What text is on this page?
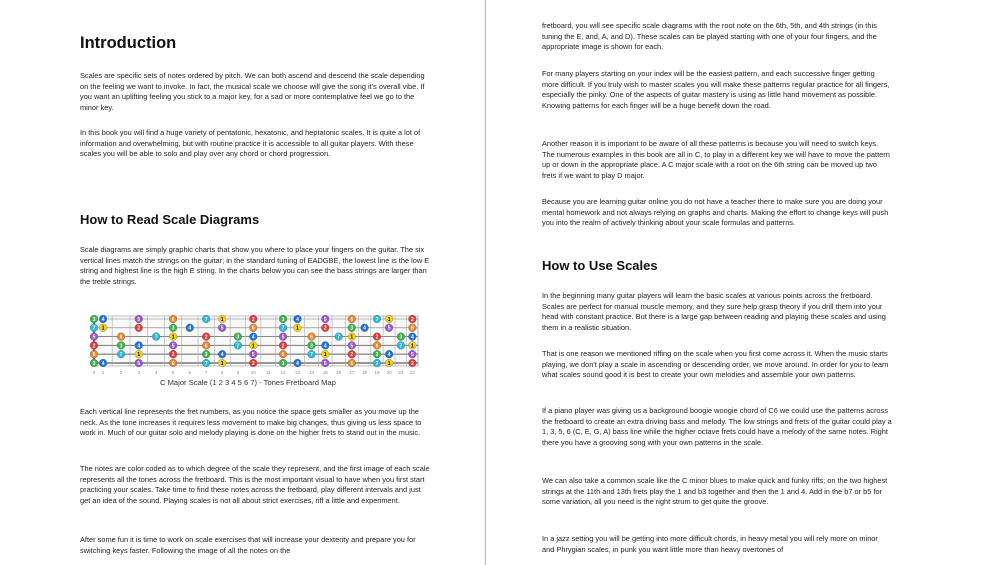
Introduction

Scales are specific sets of notes ordered by pitch. We can both ascend and descend the scale depending on the feeling we want to invoke. In fact, the musical scale we choose will give the song it's overall vibe. If you want an uplifting feeling you stick to a major key, for a sad or more contemplative feel we go to the minor key.

In this book you will find a huge variety of pentatonic, hexatonic, and heptatonic scales. It is quite a lot of information and overwhelming, but with routine practice it is accessible to all guitar players. With these scales you will be able to solo and play over any chord or chord progression.

How to Read Scale Diagrams

Scale diagrams are simply graphic charts that show you where to place your fingers on the guitar. The six vertical lines match the strings on the guitar; in the standard tuning of EADGBE, the lowest line is the low E string and highest line is the high E string. In the charts below you can see the bass strings are larger than the treble strings.

3 4	5	6	7	1	2	3 4	5	6	7 1	2
7 1	2	3	4	5	6	7 1	2	3 4	5	6
5	6	7	1	2	3	4	5	6	7 1	2	3 4
2	3	4	5	6	7	1	2	3 4	5	6	7 1
6	7	1	2	3	4	5	6	7 1	2	3 4	5
3 4	5	6	7	1	2	3 4	5	6	7 1	2
0 1	2	3	4	5	6	7	8	9	10 11 12 13 14 15 16 17 18 19 20 21 22
C Major Scale (1 2 3 4 5 6 7) - Tones Fretboard Map

Each vertical line represents the fret numbers, as you notice the space gets smaller as you move up the neck. As the tone increases it requires less movement to make big changes, thus giving us less space to work in. Much of our guitar solo and melody playing is done on the higher frets to stand out in the music.

The notes are color coded as to which degree of the scale they represent, and the first image of each scale represents all the tones across the fretboard. This is the most important visual to have when you first start practicing your scales. Take time to find these notes across the fretboard, play different intervals and just get an idea of the sound. Playing scales is not all about strict exercises, riff a little and experiment.

After some fun it is time to work on scale exercises that will increase your dexterity and prepare you for switching keys faster. Following the image of all the notes on the

fretboard, you will see specific scale diagrams with the root note on the 6th, 5th, and 4th strings (in this tuning the E, and, A, and D). These scales can be played starting with one of your four fingers, and the appropriate image is shown for each.

For many players starting on your index will be the easiest pattern, and each successive finger getting more difficult. If you truly wish to master scales you will make these patterns regular practice for all fingers, especially the pinky. One of the aspects of guitar mastery is using as little hand movement as possible. Knowing patterns for each finger will be a huge benefit down the road.

Another reason it is important to be aware of all these patterns is because you will need to switch keys. The numerous examples in this book are all in C, to play in a different key we will have to move the pattern up or down in the appropriate place. A C major scale with a root on the 6th string can be moved up two frets if we want to play D major.

Because you are learning guitar online you do not have a teacher there to make sure you are doing your mental homework and not always relying on graphs and charts. Making the effort to change keys will push you into the realm of actively thinking about your scale formulas and patterns.

How to Use Scales

In the beginning many guitar players will learn the basic scales at various points across the fretboard. Scales are perfect for manual muscle memory, and they sure help grasp theory if you drill them into your head with constant practice. But there is a large gap between reading and playing these scales and using them in a realistic situation.

That is one reason we mentioned riffing on the scale when you first come across it. When the music starts playing, we don't play a scale in ascending or descending order, we move around. In order for you to learn what scales sound good it is best to create your own melodies and assemble your own patterns.

If a piano player was giving us a background boogie woogie chord of C6 we could use the patterns across the fretboard to create an extra driving bass and melody. The low strings and frets of the guitar could play a 1, 3, 5, 6 (C, E, G, A) bass line while the higher octave frets could have a melody of the same notes. Right there you have a grooving song with your own patterns in the scale.

We can also take a common scale like the C minor blues to make quick and funky riffs; on the two highest strings at the 11th and 13th frets play the 1 and b3 together and then the 1 and 4. Add in the b7 or b5 for some variation, all you need is the right strum to get quite the groove.

In a jazz setting you will be getting into more difficult chords, in heavy metal you will rely more on minor and Phrygian scales, in punk you want little more than heavy overtones of
